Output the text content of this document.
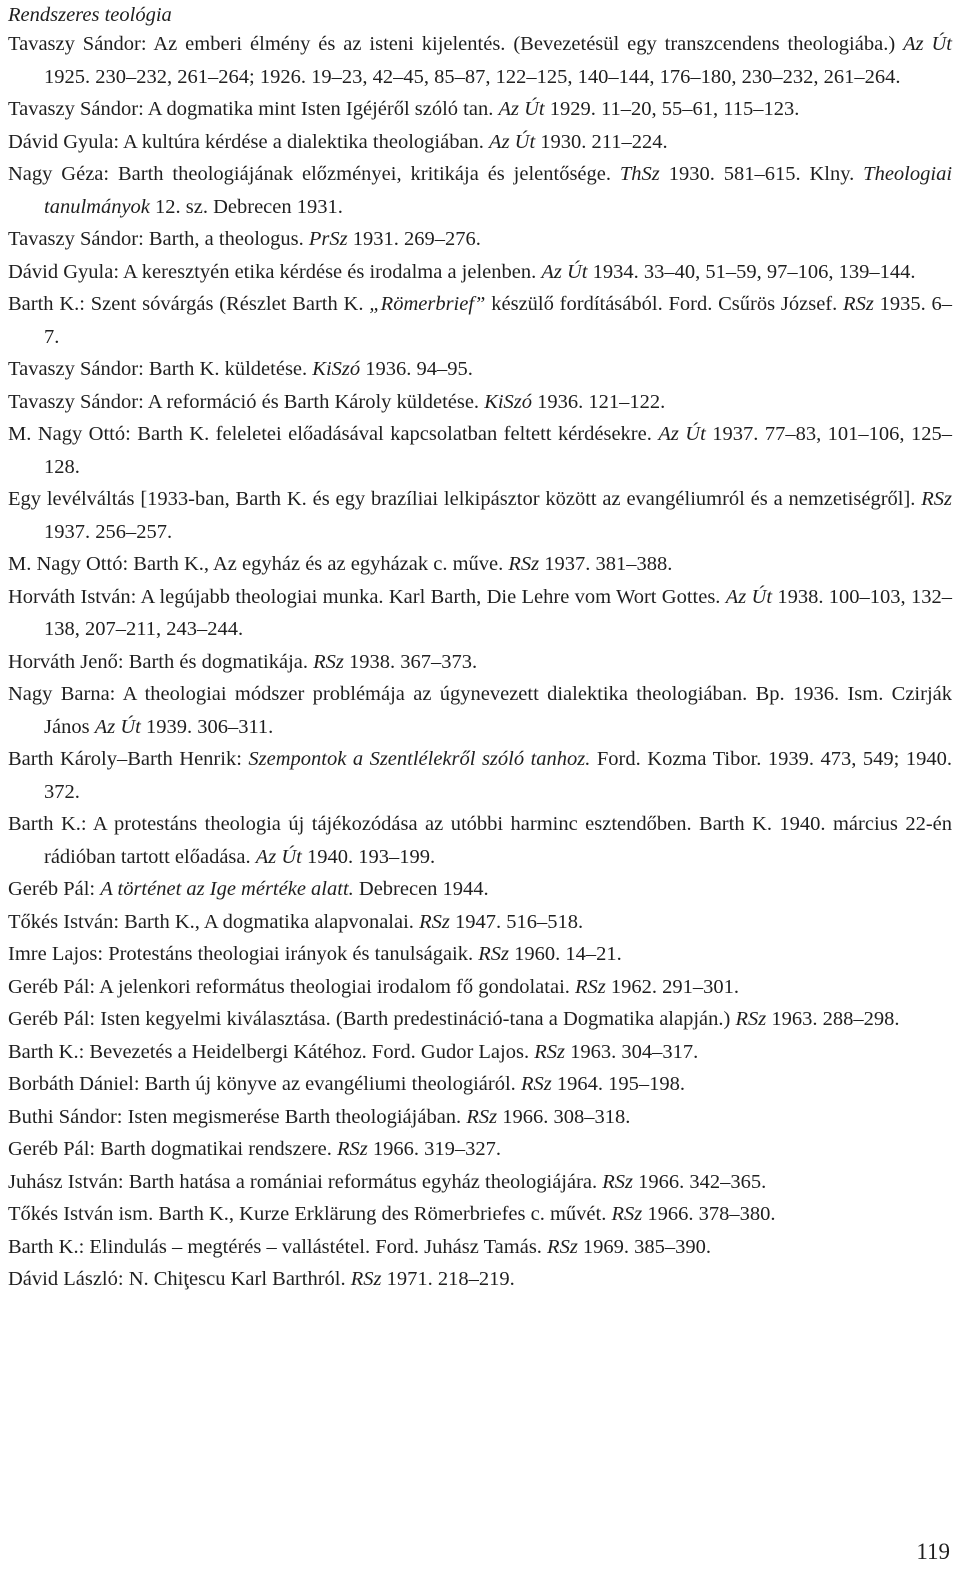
Rendszeres teológia
Tavaszy Sándor: Az emberi élmény és az isteni kijelentés. (Bevezetésül egy transzcendens theologiába.) Az Út 1925. 230–232, 261–264; 1926. 19–23, 42–45, 85–87, 122–125, 140–144, 176–180, 230–232, 261–264.
Tavaszy Sándor: A dogmatika mint Isten Igéjéről szóló tan. Az Út 1929. 11–20, 55–61, 115–123.
Dávid Gyula: A kultúra kérdése a dialektika theologiában. Az Út 1930. 211–224.
Nagy Géza: Barth theologiájának előzményei, kritikája és jelentősége. ThSz 1930. 581–615. Klny. Theologiai tanulmányok 12. sz. Debrecen 1931.
Tavaszy Sándor: Barth, a theologus. PrSz 1931. 269–276.
Dávid Gyula: A keresztyén etika kérdése és irodalma a jelenben. Az Út 1934. 33–40, 51–59, 97–106, 139–144.
Barth K.: Szent sóvárgás (Részlet Barth K. „Römerbrief” készülő fordításából. Ford. Csűrös József. RSz 1935. 6–7.
Tavaszy Sándor: Barth K. küldetése. KiSzó 1936. 94–95.
Tavaszy Sándor: A reformáció és Barth Károly küldetése. KiSzó 1936. 121–122.
M. Nagy Ottó: Barth K. feleletei előadásával kapcsolatban feltett kérdésekre. Az Út 1937. 77–83, 101–106, 125–128.
Egy levélváltás [1933-ban, Barth K. és egy brazíliai lelkipásztor között az evangéliumról és a nemzetiségről]. RSz 1937. 256–257.
M. Nagy Ottó: Barth K., Az egyház és az egyházak c. műve. RSz 1937. 381–388.
Horváth István: A legújabb theologiai munka. Karl Barth, Die Lehre vom Wort Gottes. Az Út 1938. 100–103, 132–138, 207–211, 243–244.
Horváth Jenő: Barth és dogmatikája. RSz 1938. 367–373.
Nagy Barna: A theologiai módszer problémája az úgynevezett dialektika theologiában. Bp. 1936. Ism. Czirják János Az Út 1939. 306–311.
Barth Károly–Barth Henrik: Szempontok a Szentlélekről szóló tanhoz. Ford. Kozma Tibor. 1939. 473, 549; 1940. 372.
Barth K.: A protestáns theologia új tájékozódása az utóbbi harminc esztendőben. Barth K. 1940. március 22-én rádióban tartott előadása. Az Út 1940. 193–199.
Geréb Pál: A történet az Ige mértéke alatt. Debrecen 1944.
Tőkés István: Barth K., A dogmatika alapvonalai. RSz 1947. 516–518.
Imre Lajos: Protestáns theologiai irányok és tanulságaik. RSz 1960. 14–21.
Geréb Pál: A jelenkori református theologiai irodalom fő gondolatai. RSz 1962. 291–301.
Geréb Pál: Isten kegyelmi kiválasztása. (Barth predestináció-tana a Dogmatika alapján.) RSz 1963. 288–298.
Barth K.: Bevezetés a Heidelbergi Kátéhoz. Ford. Gudor Lajos. RSz 1963. 304–317.
Borbáth Dániel: Barth új könyve az evangéliumi theologiáról. RSz 1964. 195–198.
Buthi Sándor: Isten megismerése Barth theologiájában. RSz 1966. 308–318.
Geréb Pál: Barth dogmatikai rendszere. RSz 1966. 319–327.
Juhász István: Barth hatása a romániai református egyház theologiájára. RSz 1966. 342–365.
Tőkés István ism. Barth K., Kurze Erklärung des Römerbriefes c. művét. RSz 1966. 378–380.
Barth K.: Elindulás – megtérés – vallástétel. Ford. Juhász Tamás. RSz 1969. 385–390.
Dávid László: N. Chiţescu Karl Barthról. RSz 1971. 218–219.
119
